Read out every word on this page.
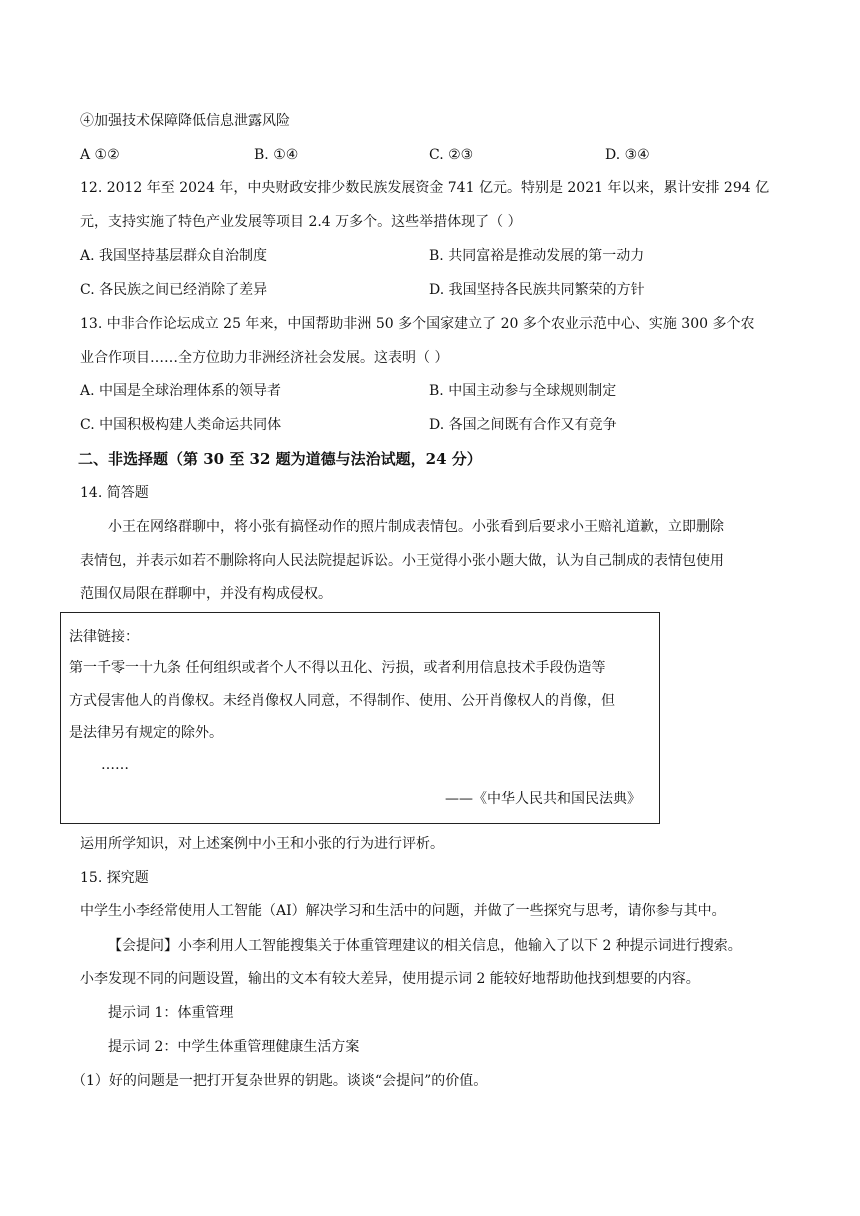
④加强技术保障降低信息泄露风险
A ①②	B. ①④	C. ②③	D. ③④
12. 2012 年至 2024 年，中央财政安排少数民族发展资金 741 亿元。特别是 2021 年以来，累计安排 294 亿
元，支持实施了特色产业发展等项目 2.4 万多个。这些举措体现了（ ）
A. 我国坚持基层群众自治制度	B. 共同富裕是推动发展的第一动力
C. 各民族之间已经消除了差异	D. 我国坚持各民族共同繁荣的方针
13. 中非合作论坛成立 25 年来，中国帮助非洲 50 多个国家建立了 20 多个农业示范中心、实施 300 多个农
业合作项目……全方位助力非洲经济社会发展。这表明（ ）
A. 中国是全球治理体系的领导者	B. 中国主动参与全球规则制定
C. 中国积极构建人类命运共同体	D. 各国之间既有合作又有竞争
二、非选择题（第 30 至 32 题为道德与法治试题，24 分）
14. 简答题
小王在网络群聊中，将小张有搞怪动作的照片制成表情包。小张看到后要求小王赔礼道歉，立即删除
表情包，并表示如若不删除将向人民法院提起诉讼。小王觉得小张小题大做，认为自己制成的表情包使用
范围仅局限在群聊中，并没有构成侵权。
法律链接：
第一千零一十九条 任何组织或者个人不得以丑化、污损，或者利用信息技术手段伪造等
方式侵害他人的肖像权。未经肖像权人同意，不得制作、使用、公开肖像权人的肖像，但
是法律另有规定的除外。
……
——《中华人民共和国民法典》
运用所学知识，对上述案例中小王和小张的行为进行评析。
15. 探究题
中学生小李经常使用人工智能（AI）解决学习和生活中的问题，并做了一些探究与思考，请你参与其中。
【会提问】小李利用人工智能搜集关于体重管理建议的相关信息，他输入了以下 2 种提示词进行搜索。
小李发现不同的问题设置，输出的文本有较大差异，使用提示词 2 能较好地帮助他找到想要的内容。
提示词 1：体重管理
提示词 2：中学生体重管理健康生活方案
（1）好的问题是一把打开复杂世界的钥匙。谈谈“会提问”的价值。
